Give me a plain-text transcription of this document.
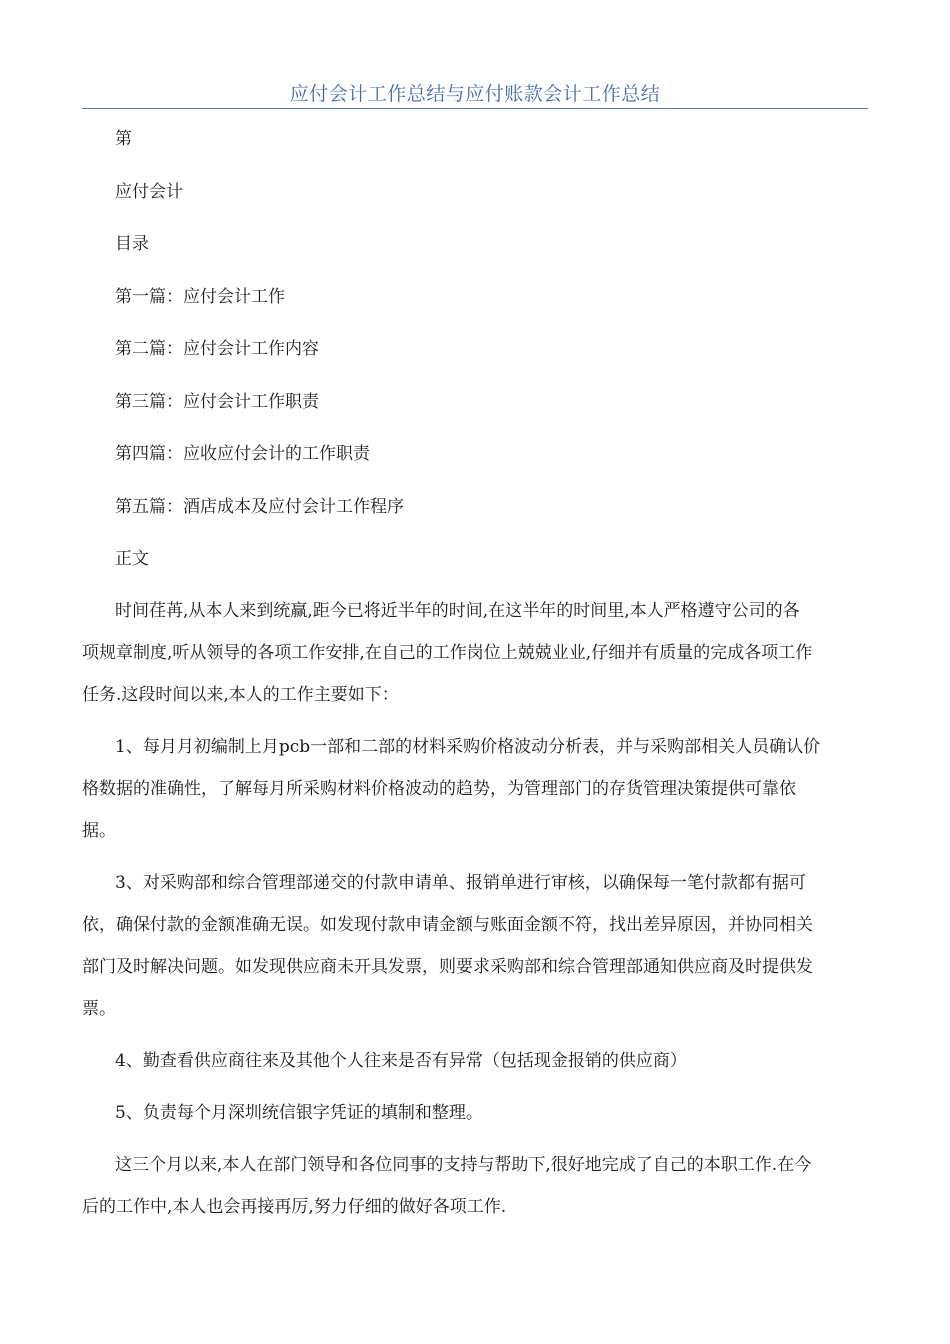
应付会计工作总结与应付账款会计工作总结
第
应付会计
目录
第一篇：应付会计工作
第二篇：应付会计工作内容
第三篇：应付会计工作职责
第四篇：应收应付会计的工作职责
第五篇：酒店成本及应付会计工作程序
正文
时间荏苒,从本人来到统赢,距今已将近半年的时间,在这半年的时间里,本人严格遵守公司的各
项规章制度,听从领导的各项工作安排,在自己的工作岗位上兢兢业业,仔细并有质量的完成各项工作
任务.这段时间以来,本人的工作主要如下：
1、每月月初编制上月pcb一部和二部的材料采购价格波动分析表，并与采购部相关人员确认价
格数据的准确性，了解每月所采购材料价格波动的趋势，为管理部门的存货管理决策提供可靠依
据。
3、对采购部和综合管理部递交的付款申请单、报销单进行审核，以确保每一笔付款都有据可
依，确保付款的金额准确无误。如发现付款申请金额与账面金额不符，找出差异原因，并协同相关
部门及时解决问题。如发现供应商未开具发票，则要求采购部和综合管理部通知供应商及时提供发
票。
4、勤查看供应商往来及其他个人往来是否有异常（包括现金报销的供应商）
5、负责每个月深圳统信银字凭证的填制和整理。
这三个月以来,本人在部门领导和各位同事的支持与帮助下,很好地完成了自己的本职工作.在今
后的工作中,本人也会再接再厉,努力仔细的做好各项工作.
